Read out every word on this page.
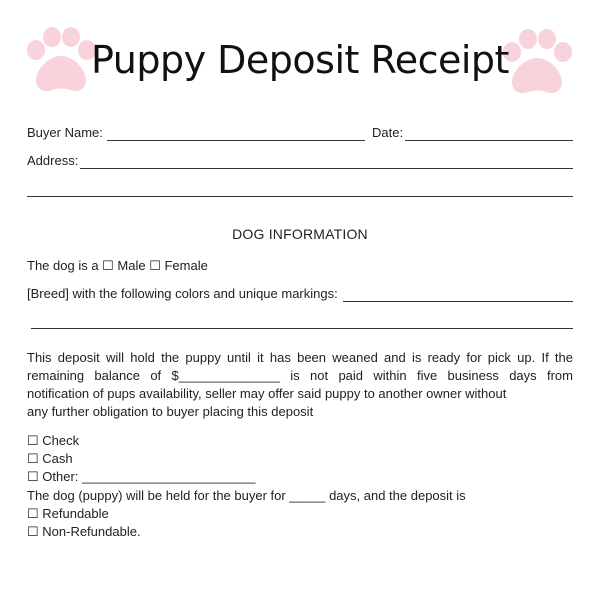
Puppy Deposit Receipt
Buyer Name:	Date:
Address:
DOG INFORMATION
The dog is a ☐ Male ☐ Female
[Breed] with the following colors and unique markings:
This deposit will hold the puppy until it has been weaned and is ready for pick up. If the
remaining balance of $______________ is not paid within five business days from
notification of pups availability, seller may offer said puppy to another owner without
any further obligation to buyer placing this deposit
☐ Check
☐ Cash
☐ Other: ________________________
The dog (puppy) will be held for the buyer for _____ days, and the deposit is
☐ Refundable
☐ Non-Refundable.
